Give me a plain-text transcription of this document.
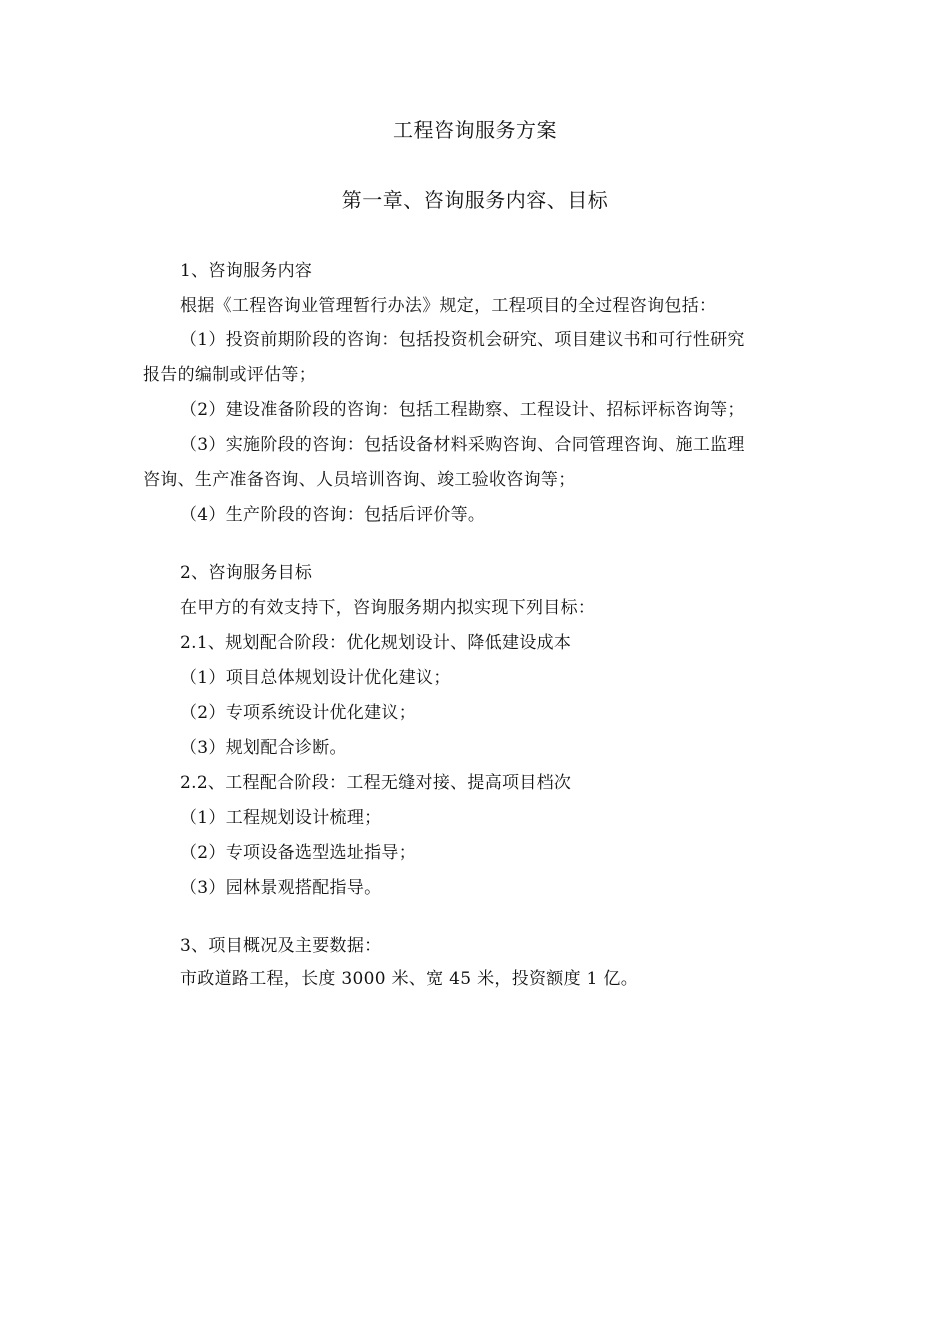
工程咨询服务方案
第一章、咨询服务内容、目标
1、咨询服务内容
根据《工程咨询业管理暂行办法》规定，工程项目的全过程咨询包括：
（1）投资前期阶段的咨询：包括投资机会研究、项目建议书和可行性研究
报告的编制或评估等；
（2）建设准备阶段的咨询：包括工程勘察、工程设计、招标评标咨询等；
（3）实施阶段的咨询：包括设备材料采购咨询、合同管理咨询、施工监理
咨询、生产准备咨询、人员培训咨询、竣工验收咨询等；
（4）生产阶段的咨询：包括后评价等。
2、咨询服务目标
在甲方的有效支持下，咨询服务期内拟实现下列目标：
2.1、规划配合阶段：优化规划设计、降低建设成本
（1）项目总体规划设计优化建议；
（2）专项系统设计优化建议；
（3）规划配合诊断。
2.2、工程配合阶段：工程无缝对接、提高项目档次
（1）工程规划设计梳理；
（2）专项设备选型选址指导；
（3）园林景观搭配指导。
3、项目概况及主要数据：
市政道路工程，长度 3000 米、宽 45 米，投资额度 1 亿。
